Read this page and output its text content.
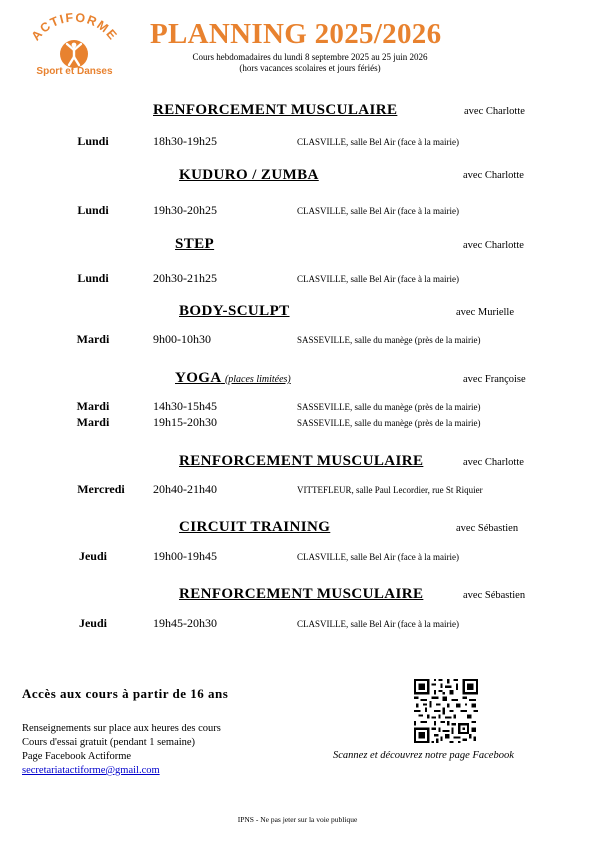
ACTIFORME
Sport et Danses
PLANNING 2025/2026
Cours hebdomadaires du lundi 8 septembre 2025 au 25 juin 2026
(hors vacances scolaires et jours fériés)
RENFORCEMENT MUSCULAIRE	avec Charlotte
Lundi	18h30-19h25	CLASVILLE, salle Bel Air (face à la mairie)
KUDURO / ZUMBA	avec Charlotte
Lundi	19h30-20h25	CLASVILLE, salle Bel Air (face à la mairie)
STEP	avec Charlotte
Lundi	20h30-21h25	CLASVILLE, salle Bel Air (face à la mairie)
BODY-SCULPT	avec Murielle
Mardi	9h00-10h30	SASSEVILLE, salle du manège (près de la mairie)
YOGA (places limitées)	avec Françoise
Mardi	14h30-15h45	SASSEVILLE, salle du manège (près de la mairie)
Mardi	19h15-20h30	SASSEVILLE, salle du manège (près de la mairie)
RENFORCEMENT MUSCULAIRE	avec Charlotte
Mercredi	20h40-21h40	VITTEFLEUR, salle Paul Lecordier, rue St Riquier
CIRCUIT TRAINING	avec Sébastien
Jeudi	19h00-19h45	CLASVILLE, salle Bel Air (face à la mairie)
RENFORCEMENT MUSCULAIRE	avec Sébastien
Jeudi	19h45-20h30	CLASVILLE, salle Bel Air (face à la mairie)
Accès aux cours à partir de 16 ans
Renseignements sur place aux heures des cours
Cours d'essai gratuit (pendant 1 semaine)
Page Facebook Actiforme
secretariatactiforme@gmail.com
Scannez et découvrez notre page Facebook
IPNS - Ne pas jeter sur la voie publique
